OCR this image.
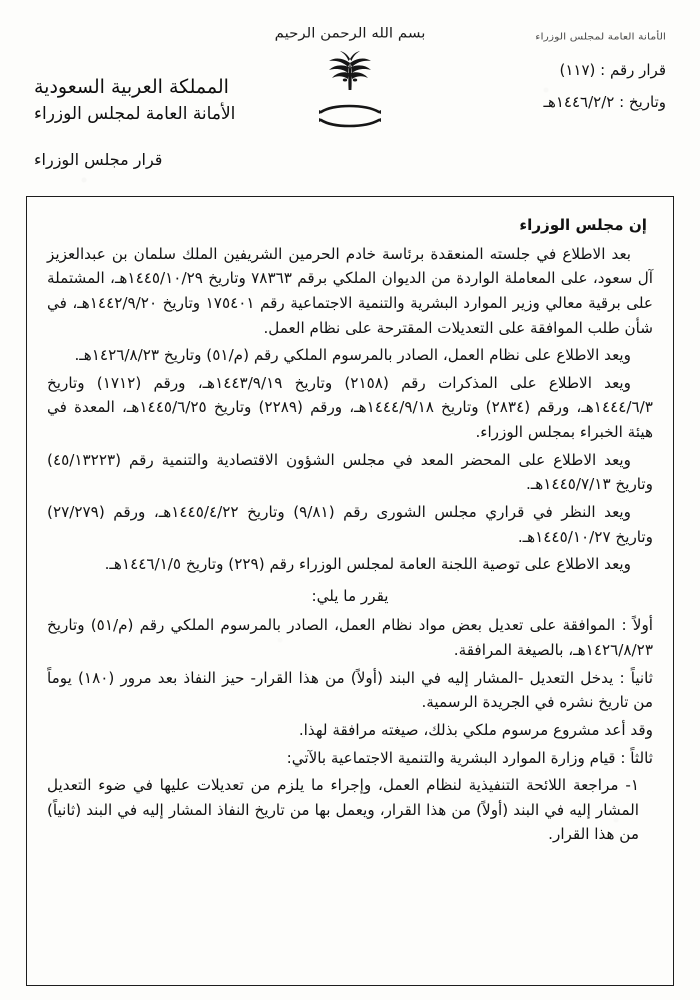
الأمانة العامة لمجلس الوزراء
قرار رقم : (١١٧)
وتاريخ : ١٤٤٦/٢/٢هـ
بسم الله الرحمن الرحيم
المملكة العربية السعودية
الأمانة العامة لمجلس الوزراء
قرار مجلس الوزراء

إن مجلس الوزراء

بعد الاطلاع في جلسته المنعقدة برئاسة خادم الحرمين الشريفين الملك سلمان بن عبدالعزيز آل سعود، على المعاملة الواردة من الديوان الملكي برقم ٧٨٣٦٣ وتاريخ ١٤٤٥/١٠/٢٩هـ، المشتملة على برقية معالي وزير الموارد البشرية والتنمية الاجتماعية رقم ١٧٥٤٠١ وتاريخ ١٤٤٢/٩/٢٠هـ، في شأن طلب الموافقة على التعديلات المقترحة على نظام العمل.

ويعد الاطلاع على نظام العمل، الصادر بالمرسوم الملكي رقم (م/٥١) وتاريخ ١٤٢٦/٨/٢٣هـ.

ويعد الاطلاع على المذكرات رقم (٢١٥٨) وتاريخ ١٤٤٣/٩/١٩هـ، ورقم (١٧١٢) وتاريخ ١٤٤٤/٦/٣هـ، ورقم (٢٨٣٤) وتاريخ ١٤٤٤/٩/١٨هـ، ورقم (٢٢٨٩) وتاريخ ١٤٤٥/٦/٢٥هـ، المعدة في هيئة الخبراء بمجلس الوزراء.

ويعد الاطلاع على المحضر المعد في مجلس الشؤون الاقتصادية والتنمية رقم (٤٥/١٣٢٢٣) وتاريخ ١٤٤٥/٧/١٣هـ.

ويعد النظر في قراري مجلس الشورى رقم (٩/٨١) وتاريخ ١٤٤٥/٤/٢٢هـ، ورقم (٢٧/٢٧٩) وتاريخ ١٤٤٥/١٠/٢٧هـ.

ويعد الاطلاع على توصية اللجنة العامة لمجلس الوزراء رقم (٢٢٩) وتاريخ ١٤٤٦/١/٥هـ.

يقرر ما يلي:

أولاً : الموافقة على تعديل بعض مواد نظام العمل، الصادر بالمرسوم الملكي رقم (م/٥١) وتاريخ ١٤٢٦/٨/٢٣هـ، بالصيغة المرافقة.

ثانياً : يدخل التعديل -المشار إليه في البند (أولاً) من هذا القرار- حيز النفاذ بعد مرور (١٨٠) يوماً من تاريخ نشره في الجريدة الرسمية.

وقد أعد مشروع مرسوم ملكي بذلك، صيغته مرافقة لهذا.

ثالثاً : قيام وزارة الموارد البشرية والتنمية الاجتماعية بالآتي:

١- مراجعة اللائحة التنفيذية لنظام العمل، وإجراء ما يلزم من تعديلات عليها في ضوء التعديل المشار إليه في البند (أولاً) من هذا القرار، ويعمل بها من تاريخ النفاذ المشار إليه في البند (ثانياً) من هذا القرار.
